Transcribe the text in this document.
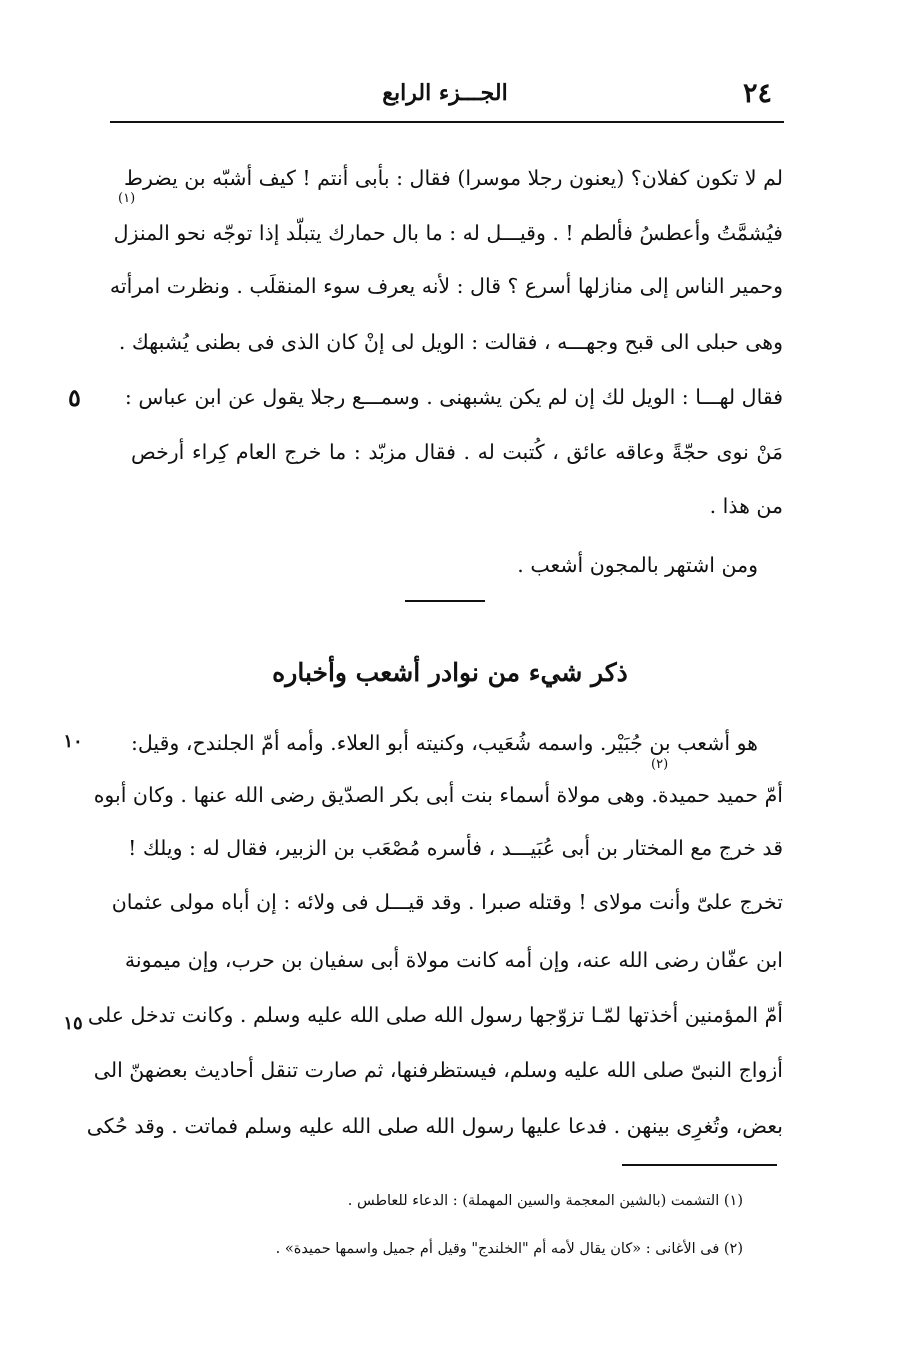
الجـــزء الرابع	٢٤
لم لا تكون كفلان؟ (يعنون رجلا موسرا) فقال : بأبى أنتم ! كيف أشبّه بن يضرط
(١)
فيُشمَّتُ وأعطسُ فألطم ! . وقيـــل له : ما بال حمارك يتبلّد إذا توجّه نحو المنزل
وحمير الناس إلى منازلها أسرع ؟ قال : لأنه يعرف سوء المنقلَب . ونظرت امرأته
وهى حبلى الى قبح وجهـــه ، فقالت : الويل لى إنْ كان الذى فى بطنى يُشبهك .
فقال لهـــا : الويل لك إن لم يكن يشبهنى . وسمـــع رجلا يقول عن ابن عباس :
٥
مَنْ نوى حجّةً وعاقه عائق ، كُتبت له . فقال مزبّد : ما خرج العام كِراء أرخص
من هذا .
ومن اشتهر بالمجون أشعب .
ذكر شيء من نوادر أشعب وأخباره
هو أشعب بن جُبَيْر. واسمه شُعَيب، وكنيته أبو العلاء. وأمه أمّ الجلندح، وقيل:
١٠
(٢)
أمّ حميد حميدة. وهى مولاة أسماء بنت أبى بكر الصدّيق رضى الله عنها . وكان أبوه
قد خرج مع المختار بن أبى عُبَيـــد ، فأسره مُصْعَب بن الزبير، فقال له : ويلك !
تخرج علىّ وأنت مولاى ! وقتله صبرا . وقد قيـــل فى ولائه : إن أباه مولى عثمان
ابن عفّان رضى الله عنه، وإن أمه كانت مولاة أبى سفيان بن حرب، وإن ميمونة
أمّ المؤمنين أخذتها لمّـا تزوّجها رسول الله صلى الله عليه وسلم . وكانت تدخل على
١٥
أزواج النبىّ صلى الله عليه وسلم، فيستظرفنها، ثم صارت تنقل أحاديث بعضهنّ الى
بعض، وتُغرِى بينهن . فدعا عليها رسول الله صلى الله عليه وسلم فماتت . وقد حُكى
(١) التشمت (بالشين المعجمة والسين المهملة) : الدعاء للعاطس .
(٢) فى الأغانى : «كان يقال لأمه أم "الخلندج" وقيل أم جميل واسمها حميدة» .
